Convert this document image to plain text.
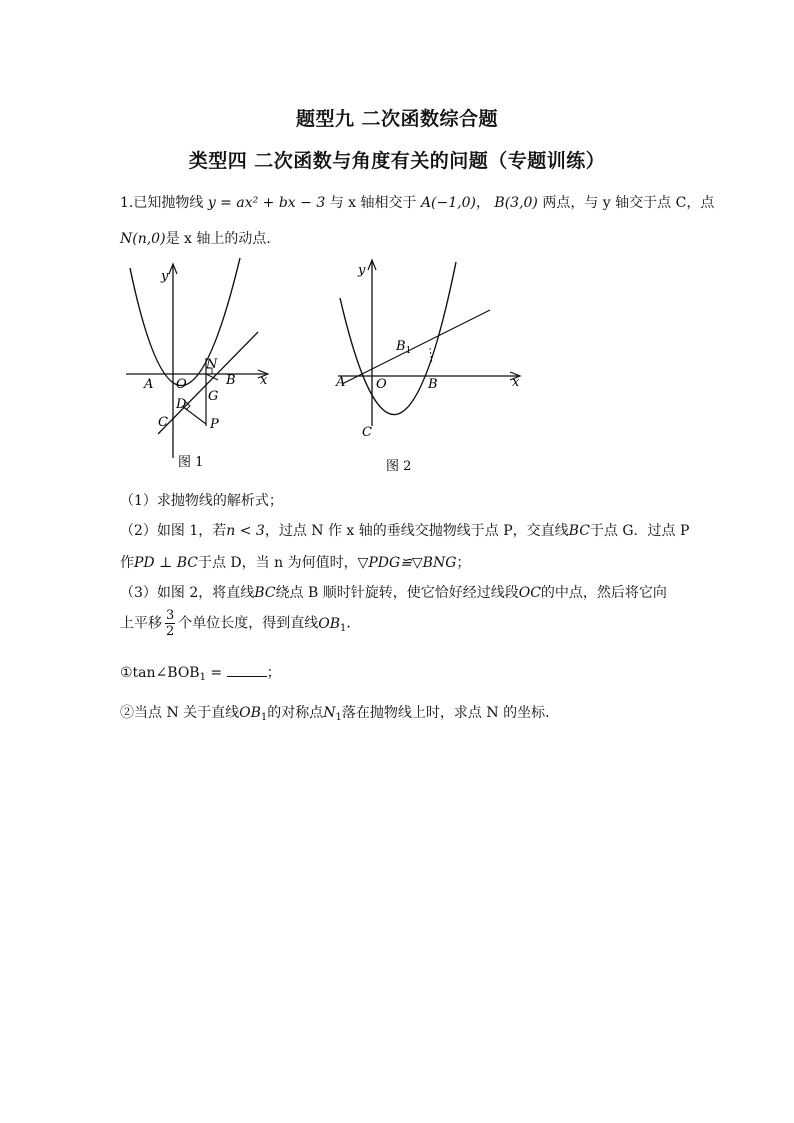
题型九 二次函数综合题
类型四 二次函数与角度有关的问题（专题训练）
1.已知抛物线 y = ax² + bx − 3 与 x 轴相交于 A(−1,0)， B(3,0) 两点，与 y 轴交于点 C，点
N(n,0)是 x 轴上的动点．
y
x
A O	B
N
G
D
C	P
图 1
y
x
A O	B
$B_1$
C
图 2
（1）求抛物线的解析式；
（2）如图 1，若n < 3，过点 N 作 x 轴的垂线交抛物线于点 P，交直线BC于点 G．过点 P
作PD ⊥ BC于点 D，当 n 为何值时，▽PDG≌▽BNG；
（3）如图 2，将直线BC绕点 B 顺时针旋转，使它恰好经过线段OC的中点，然后将它向
上平移 $\frac{3}{2}$ 个单位长度，得到直线$OB_1$．
$①\tan\angle BOB_1$ =	；
②当点 N 关于直线$OB_1$的对称点$N_1$落在抛物线上时，求点 N 的坐标．
